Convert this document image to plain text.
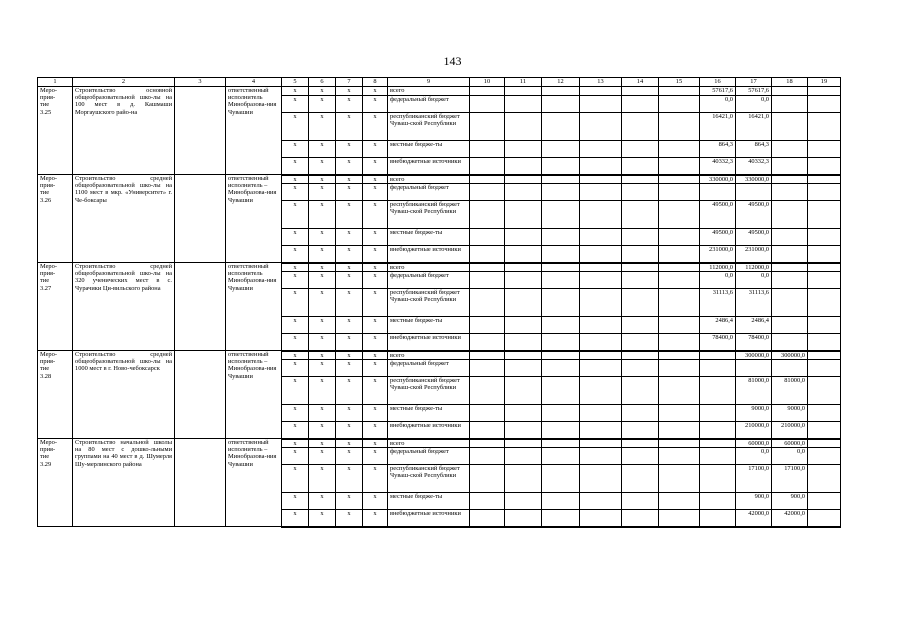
143
1	2	3	4	5	6	7	8	9	10	11	12	13	14	15	16	17	18	19
Меро-
прия-
тие
3.25	Строительство основной общеобразовательной шко-лы на 100 мест в д. Кашмаши Моргаушского райо-на		ответственный исполнитель Минобразова-ния Чувашии	x	x	x	x	всего							57617,6	57617,6		
				x	x	x	x	федеральный бюджет							0,0	0,0		
				x	x	x	x	республиканский бюджет Чуваш-ской Республики							16421,0	16421,0		
				x	x	x	x	местные бюдже-ты							864,3	864,3		
				x	x	x	x	внебюджетные источники							40332,3	40332,3		
Меро-
прия-
тие
3.26	Строительство средней общеобразовательной шко-лы на 1100 мест в мкр. «Университет» г. Че-боксары		ответственный исполнитель – Минобразова-ния Чувашии	x	x	x	x	всего							330000,0	330000,0		
				x	x	x	x	федеральный бюджет										
				x	x	x	x	республиканский бюджет Чуваш-ской Республики							49500,0	49500,0		
				x	x	x	x	местные бюдже-ты							49500,0	49500,0		
				x	x	x	x	внебюджетные источники							231000,0	231000,0		
Меро-
прия-
тие
3.27	Строительство средней общеобразовательной шко-лы на 320 ученических мест в с. Чурачики Ци-вильского района		ответственный исполнитель Минобразова-ния Чувашии	x	x	x	x	всего							112000,0	112000,0		
				x	x	x	x	федеральный бюджет							0,0	0,0		
				x	x	x	x	республиканский бюджет Чуваш-ской Республики							31113,6	31113,6		
				x	x	x	x	местные бюдже-ты							2486,4	2486,4		
				x	x	x	x	внебюджетные источники							78400,0	78400,0		
Меро-
прия-
тие
3.28	Строительство средней общеобразовательной шко-лы на 1000 мест в г. Ново-чебоксарск		ответственный исполнитель – Минобразова-ния Чувашии	x	x	x	x	всего								300000,0	300000,0	
				x	x	x	x	федеральный бюджет										
				x	x	x	x	республиканский бюджет Чуваш-ской Республики								81000,0	81000,0	
				x	x	x	x	местные бюдже-ты								9000,0	9000,0	
				x	x	x	x	внебюджетные источники								210000,0	210000,0	
Меро-
прия-
тие
3.29	Строительство начальной школы на 80 мест с дошко-льными группами на 40 мест в д. Шумерля Шу-мерлинского района		ответственный исполнитель – Минобразова-ния Чувашии	x	x	x	x	всего								60000,0	60000,0	
				x	x	x	x	федеральный бюджет								0,0	0,0	
				x	x	x	x	республиканский бюджет Чуваш-ской Республики								17100,0	17100,0	
				x	x	x	x	местные бюдже-ты								900,0	900,0	
				x	x	x	x	внебюджетные источники								42000,0	42000,0	
